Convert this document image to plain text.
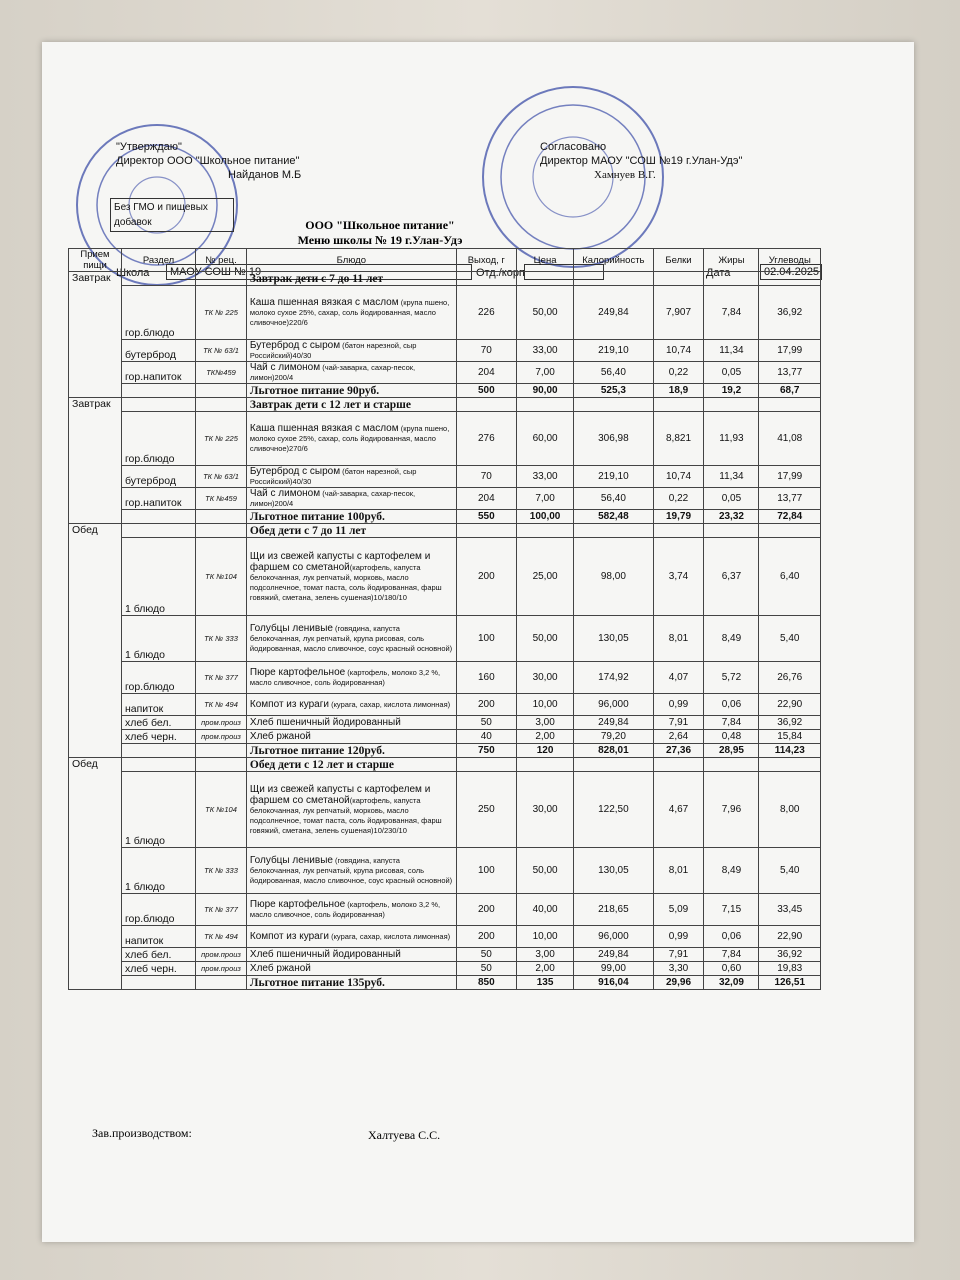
"Утверждаю"
Директор ООО "Школьное питание"
Найданов М.Б
Согласовано
Директор МАОУ "СОШ №19 г.Улан-Удэ"
Хамнуев В.Г.
Без ГМО и пищевых добавок	ООО "Школьное питание"
Меню школы № 19 г.Улан-Удэ
Школа	МАОУ СОШ № 19	Отд./корп	Дата	02.04.2025
Прием пищи	Раздел	№ рец.	Блюдо	Выход, г	Цена	Калорийность	Белки	Жиры	Углеводы
Завтрак			Завтрак дети с 7 до 11 лет						
	гор.блюдо	ТК № 225	Каша пшенная вязкая с маслом (крупа пшено, молоко сухое 25%, сахар, соль йодированная, масло сливочное)220/6	226	50,00	249,84	7,907	7,84	36,92
	бутерброд	ТК № 63/1	Бутерброд с сыром (батон нарезной, сыр Российский)40/30	70	33,00	219,10	10,74	11,34	17,99
	гор.напиток	ТК№459	Чай с лимоном (чай-заварка, сахар-песок, лимон)200/4	204	7,00	56,40	0,22	0,05	13,77
			Льготное питание 90руб.	500	90,00	525,3	18,9	19,2	68,7
Завтрак			Завтрак дети с 12 лет и старше						
	гор.блюдо	ТК № 225	Каша пшенная вязкая с маслом (крупа пшено, молоко сухое 25%, сахар, соль йодированная, масло сливочное)270/6	276	60,00	306,98	8,821	11,93	41,08
	бутерброд	ТК № 63/1	Бутерброд с сыром (батон нарезной, сыр Российский)40/30	70	33,00	219,10	10,74	11,34	17,99
	гор.напиток	ТК №459	Чай с лимоном (чай-заварка, сахар-песок, лимон)200/4	204	7,00	56,40	0,22	0,05	13,77
			Льготное питание 100руб.	550	100,00	582,48	19,79	23,32	72,84
Обед			Обед дети с 7 до 11 лет						
	1 блюдо	ТК №104	Щи из свежей капусты с картофелем и фаршем со сметаной(картофель, капуста белокочанная, лук репчатый, морковь, масло подсолнечное, томат паста, соль йодированная, фарш говяжий, сметана, зелень сушеная)10/180/10	200	25,00	98,00	3,74	6,37	6,40
	1 блюдо	ТК № 333	Голубцы ленивые (говядина, капуста белокочанная, лук репчатый, крупа рисовая, соль йодированная, масло сливочное, соус красный основной)	100	50,00	130,05	8,01	8,49	5,40
	гор.блюдо	ТК № 377	Пюре картофельное (картофель, молоко 3,2 %, масло сливочное, соль йодированная)	160	30,00	174,92	4,07	5,72	26,76
	напиток	ТК № 494	Компот из кураги (курага, сахар, кислота лимонная)	200	10,00	96,000	0,99	0,06	22,90
	хлеб бел.	пром.произ	Хлеб пшеничный йодированный	50	3,00	249,84	7,91	7,84	36,92
	хлеб черн.	пром.произ	Хлеб ржаной	40	2,00	79,20	2,64	0,48	15,84
			Льготное питание 120руб.	750	120	828,01	27,36	28,95	114,23
Обед			Обед дети с 12 лет и старше						
	1 блюдо	ТК №104	Щи из свежей капусты с картофелем и фаршем со сметаной(картофель, капуста белокочанная, лук репчатый, морковь, масло подсолнечное, томат паста, соль йодированная, фарш говяжий, сметана, зелень сушеная)10/230/10	250	30,00	122,50	4,67	7,96	8,00
	1 блюдо	ТК № 333	Голубцы ленивые (говядина, капуста белокочанная, лук репчатый, крупа рисовая, соль йодированная, масло сливочное, соус красный основной)	100	50,00	130,05	8,01	8,49	5,40
	гор.блюдо	ТК № 377	Пюре картофельное (картофель, молоко 3,2 %, масло сливочное, соль йодированная)	200	40,00	218,65	5,09	7,15	33,45
	напиток	ТК № 494	Компот из кураги (курага, сахар, кислота лимонная)	200	10,00	96,000	0,99	0,06	22,90
	хлеб бел.	пром.произ	Хлеб пшеничный йодированный	50	3,00	249,84	7,91	7,84	36,92
	хлеб черн.	пром.произ	Хлеб ржаной	50	2,00	99,00	3,30	0,60	19,83
			Льготное питание 135руб.	850	135	916,04	29,96	32,09	126,51
Зав.производством:	Халтуева С.С.
